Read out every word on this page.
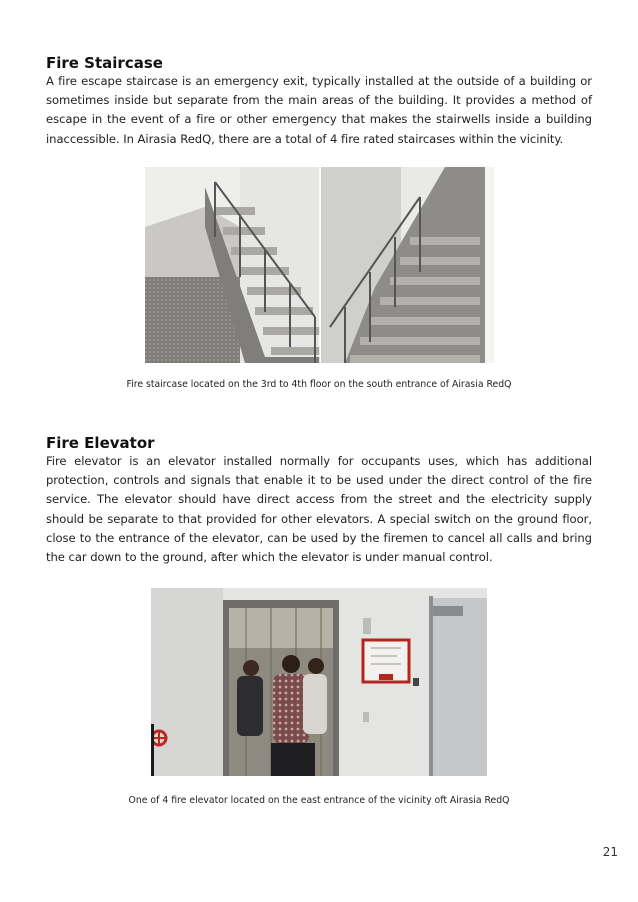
Fire Staircase

A fire escape staircase is an emergency exit, typically installed at the outside of a building or sometimes inside but separate from the main areas of the building. It provides a method of escape in the event of a fire or other emergency that makes the stairwells inside a building inaccessible. In Airasia RedQ, there are a total of 4 fire rated staircases within the vicinity.

Fire staircase located on the 3rd to 4th floor on the south entrance of Airasia RedQ

Fire Elevator

Fire elevator is an elevator installed normally for occupants uses, which has additional protection, controls and signals that enable it to be used under the direct control of the fire service. The elevator should have direct access from the street and the electricity supply should be separate to that provided for other elevators. A special switch on the ground floor, close to the entrance of the elevator, can be used by the firemen to cancel all calls and bring the car down to the ground, after which the elevator is under manual control.

One of 4 fire elevator located on the east entrance of the vicinity oft Airasia RedQ

21
